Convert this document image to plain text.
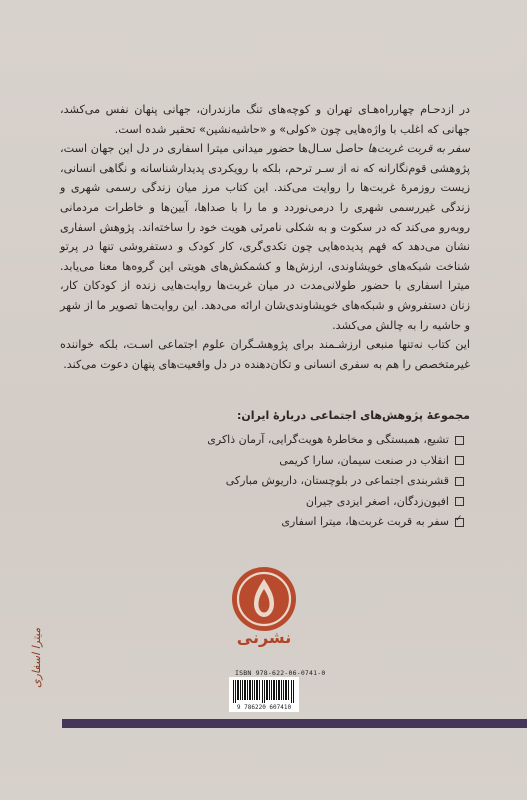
در ازدحـام چهارراه‌هـای تهران و کوچه‌های تنگ مازندران، جهانی پنهان نفس می‌کشد، جهانی که اغلب با واژه‌هایی چون «کولی» و «حاشیه‌نشین» تحقیر شده است.

سفر به قربت غربت‌ها حاصل سـال‌ها حضور میدانی میترا اسفاری در دل این جهان است، پژوهشی قوم‌نگارانه که نه از سـر ترحم، بلکه با رویکردی پدیدارشناسانه و نگاهی انسانی، زیست روزمرهٔ غربت‌ها را روایت می‌کند. این کتاب مرز میان زندگی رسمی شهری و زندگی غیررسمی شهری را درمی‌نوردد و ما را با صداها، آیین‌ها و خاطرات مردمانی روبه‌رو می‌کند که در سکوت و به شکلی نامرئی هویت خود را ساخته‌اند. پژوهش اسفاری نشان می‌دهد که فهم پدیده‌هایی چون تکدی‌گری، کار کودک و دستفروشی تنها در پرتو شناخت شبکه‌های خویشاوندی، ارزش‌ها و کشمکش‌های هویتی این گروه‌ها معنا می‌یابد. میترا اسفاری با حضور طولانی‌مدت در میان غربت‌ها روایت‌هایی زنده از کودکان کار، زنان دستفروش و شبکه‌های خویشاوندی‌شان ارائه می‌دهد. این روایت‌ها تصویر ما از شهر و حاشیه را به چالش می‌کشد.

این کتاب نه‌تنها منبعی ارزشـمند برای پژوهشـگران علوم اجتماعی اسـت، بلکه خواننده غیرمتخصص را هم به سفری انسانی و تکان‌دهنده در دل واقعیت‌های پنهان دعوت می‌کند.

مجموعهٔ پژوهش‌های اجتماعی دربارهٔ ایران:
تشیع، همبستگی و مخاطرهٔ هویت‌گرایی، آرمان ذاکری
انقلاب در صنعت سیمان، سارا کریمی
قشربندی اجتماعی در بلوچستان، داریوش مبارکی
افیون‌زدگان، اصغر ایزدی جیران
✓
سفر به قربت غربت‌ها، میترا اسفاری
نشرنی
ISBN 978-622-06-0741-0
9 786220 607410
میترا اسفاری
